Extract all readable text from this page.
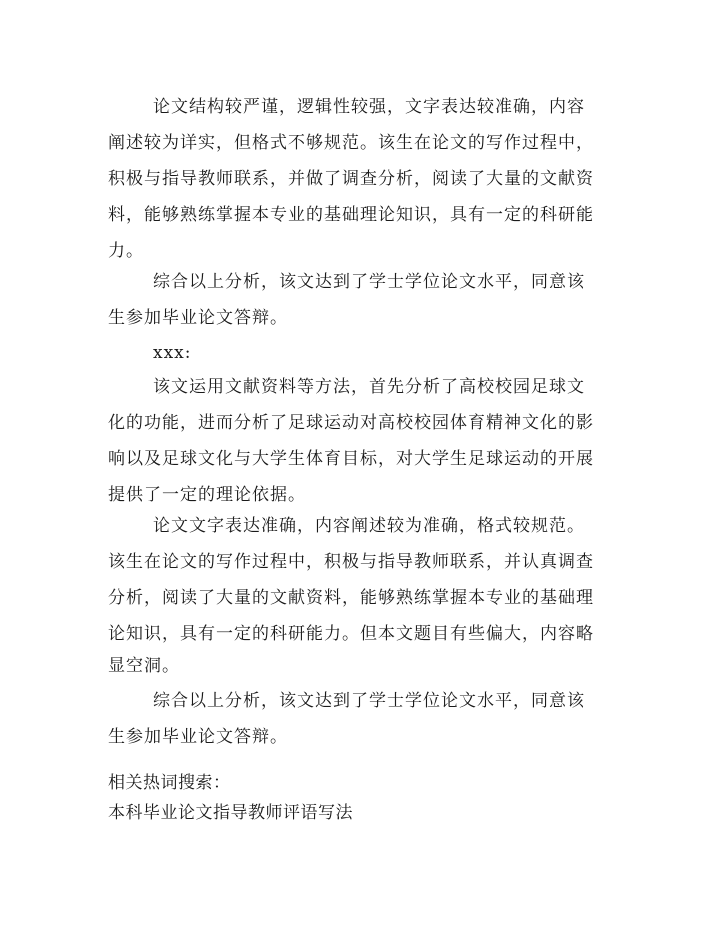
论文结构较严谨，逻辑性较强，文字表达较准确，内容
阐述较为详实，但格式不够规范。该生在论文的写作过程中，
积极与指导教师联系，并做了调查分析，阅读了大量的文献资
料，能够熟练掌握本专业的基础理论知识，具有一定的科研能
力。
综合以上分析，该文达到了学士学位论文水平，同意该
生参加毕业论文答辩。
xxx:
该文运用文献资料等方法，首先分析了高校校园足球文
化的功能，进而分析了足球运动对高校校园体育精神文化的影
响以及足球文化与大学生体育目标，对大学生足球运动的开展
提供了一定的理论依据。
论文文字表达准确，内容阐述较为准确，格式较规范。
该生在论文的写作过程中，积极与指导教师联系，并认真调查
分析，阅读了大量的文献资料，能够熟练掌握本专业的基础理
论知识，具有一定的科研能力。但本文题目有些偏大，内容略
显空洞。
综合以上分析，该文达到了学士学位论文水平，同意该
生参加毕业论文答辩。
相关热词搜索：
本科毕业论文指导教师评语写法
